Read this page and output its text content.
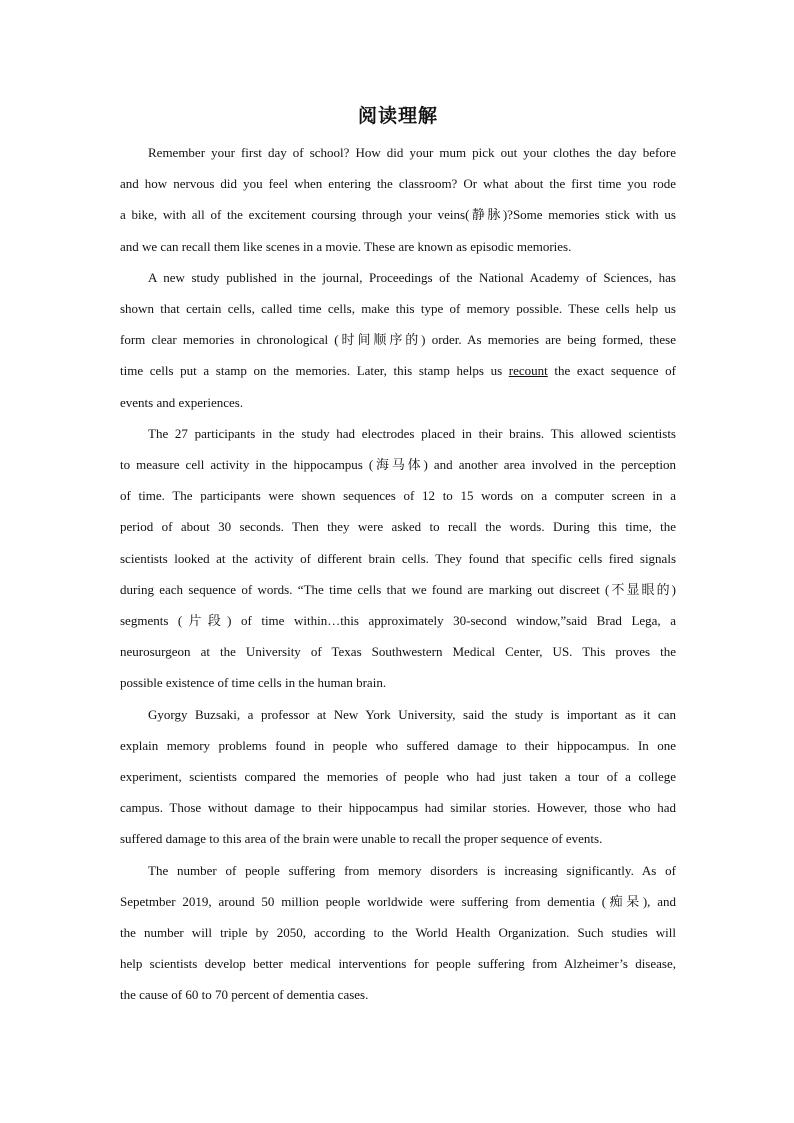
阅读理解

Remember your first day of school? How did your mum pick out your clothes the day before
and how nervous did you feel when entering the classroom? Or what about the first time you rode
a bike, with all of the excitement coursing through your veins(静脉)?Some memories stick with us
and we can recall them like scenes in a movie. These are known as episodic memories.

A new study published in the journal, Proceedings of the National Academy of Sciences, has
shown that certain cells, called time cells, make this type of memory possible. These cells help us
form clear memories in chronological (时间顺序的) order. As memories are being formed, these
time cells put a stamp on the memories. Later, this stamp helps us recount the exact sequence of
events and experiences.

The 27 participants in the study had electrodes placed in their brains. This allowed scientists
to measure cell activity in the hippocampus (海马体) and another area involved in the perception
of time. The participants were shown sequences of 12 to 15 words on a computer screen in a
period of about 30 seconds. Then they were asked to recall the words. During this time, the
scientists looked at the activity of different brain cells. They found that specific cells fired signals
during each sequence of words. “The time cells that we found are marking out discreet (不显眼的)
segments (片段) of time within…this approximately 30-second window,”said Brad Lega, a
neurosurgeon at the University of Texas Southwestern Medical Center, US. This proves the
possible existence of time cells in the human brain.

Gyorgy Buzsaki, a professor at New York University, said the study is important as it can
explain memory problems found in people who suffered damage to their hippocampus. In one
experiment, scientists compared the memories of people who had just taken a tour of a college
campus. Those without damage to their hippocampus had similar stories. However, those who had
suffered damage to this area of the brain were unable to recall the proper sequence of events.

The number of people suffering from memory disorders is increasing significantly. As of
Sepetmber 2019, around 50 million people worldwide were suffering from dementia (痴呆), and
the number will triple by 2050, according to the World Health Organization. Such studies will
help scientists develop better medical interventions for people suffering from Alzheimer’s disease,
the cause of 60 to 70 percent of dementia cases.
